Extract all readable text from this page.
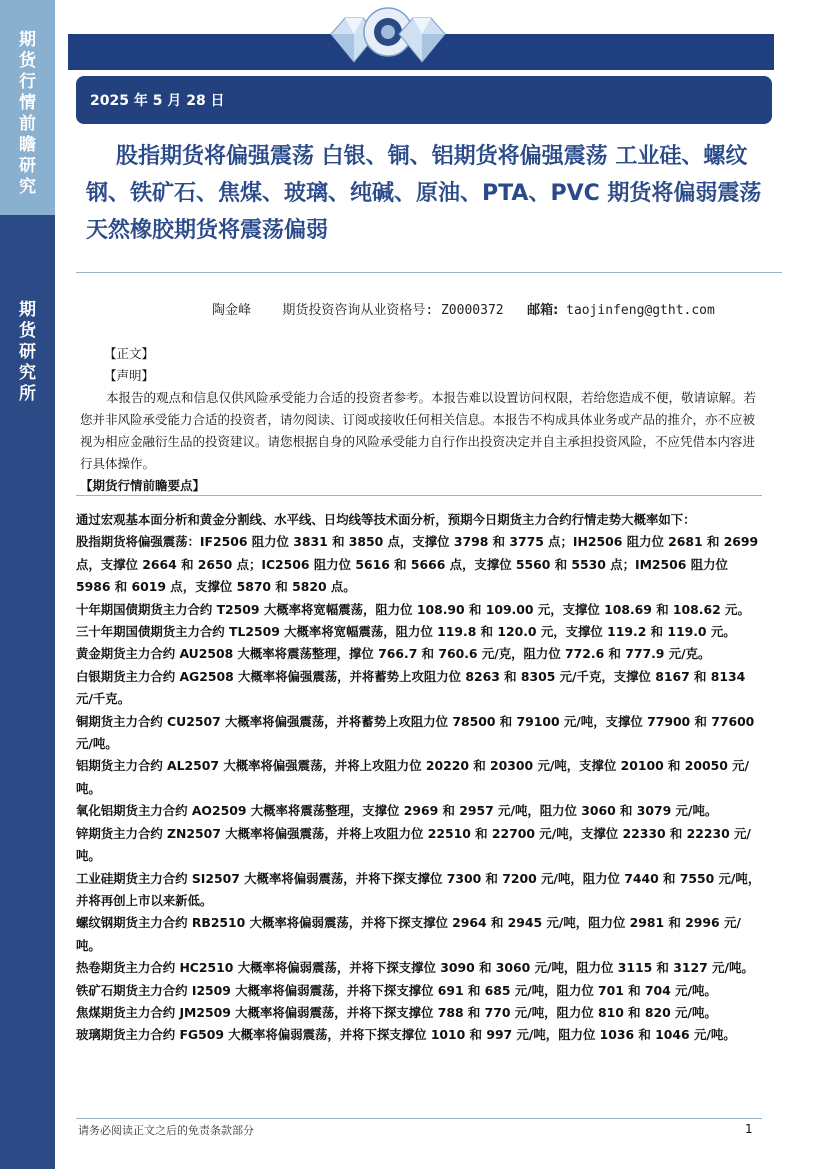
期
货
行
情
前
瞻
研
究
期
货
研
究
所
2025 年 5 月 28 日
股指期货将偏强震荡 白银、铜、铝期货将偏强震荡 工业硅、螺纹钢、铁矿石、焦煤、玻璃、纯碱、原油、PTA、PVC 期货将偏弱震荡 天然橡胶期货将震荡偏弱
陶金峰 期货投资咨询从业资格号: Z0000372 邮箱: taojinfeng@gtht.com
【正文】
【声明】
本报告的观点和信息仅供风险承受能力合适的投资者参考。本报告难以设置访问权限，若给您造成不便，敬请谅解。若您并非风险承受能力合适的投资者，请勿阅读、订阅或接收任何相关信息。本报告不构成具体业务或产品的推介，亦不应被视为相应金融衍生品的投资建议。请您根据自身的风险承受能力自行作出投资决定并自主承担投资风险，不应凭借本内容进行具体操作。
【期货行情前瞻要点】

通过宏观基本面分析和黄金分割线、水平线、日均线等技术面分析，预期今日期货主力合约行情走势大概率如下：

股指期货将偏强震荡：IF2506 阻力位 3831 和 3850 点，支撑位 3798 和 3775 点；IH2506 阻力位 2681 和 2699 点，支撑位 2664 和 2650 点；IC2506 阻力位 5616 和 5666 点，支撑位 5560 和 5530 点；IM2506 阻力位 5986 和 6019 点，支撑位 5870 和 5820 点。

十年期国债期货主力合约 T2509 大概率将宽幅震荡，阻力位 108.90 和 109.00 元，支撑位 108.69 和 108.62 元。

三十年期国债期货主力合约 TL2509 大概率将宽幅震荡，阻力位 119.8 和 120.0 元，支撑位 119.2 和 119.0 元。

黄金期货主力合约 AU2508 大概率将震荡整理，撑位 766.7 和 760.6 元/克，阻力位 772.6 和 777.9 元/克。

白银期货主力合约 AG2508 大概率将偏强震荡，并将蓄势上攻阻力位 8263 和 8305 元/千克，支撑位 8167 和 8134 元/千克。

铜期货主力合约 CU2507 大概率将偏强震荡，并将蓄势上攻阻力位 78500 和 79100 元/吨，支撑位 77900 和 77600 元/吨。

铝期货主力合约 AL2507 大概率将偏强震荡，并将上攻阻力位 20220 和 20300 元/吨，支撑位 20100 和 20050 元/吨。

氧化铝期货主力合约 AO2509 大概率将震荡整理，支撑位 2969 和 2957 元/吨，阻力位 3060 和 3079 元/吨。

锌期货主力合约 ZN2507 大概率将偏强震荡，并将上攻阻力位 22510 和 22700 元/吨，支撑位 22330 和 22230 元/吨。

工业硅期货主力合约 SI2507 大概率将偏弱震荡，并将下探支撑位 7300 和 7200 元/吨，阻力位 7440 和 7550 元/吨，并将再创上市以来新低。

螺纹钢期货主力合约 RB2510 大概率将偏弱震荡，并将下探支撑位 2964 和 2945 元/吨，阻力位 2981 和 2996 元/吨。

热卷期货主力合约 HC2510 大概率将偏弱震荡，并将下探支撑位 3090 和 3060 元/吨，阻力位 3115 和 3127 元/吨。

铁矿石期货主力合约 I2509 大概率将偏弱震荡，并将下探支撑位 691 和 685 元/吨，阻力位 701 和 704 元/吨。

焦煤期货主力合约 JM2509 大概率将偏弱震荡，并将下探支撑位 788 和 770 元/吨，阻力位 810 和 820 元/吨。

玻璃期货主力合约 FG509 大概率将偏弱震荡，并将下探支撑位 1010 和 997 元/吨，阻力位 1036 和 1046 元/吨。

请务必阅读正文之后的免责条款部分	1
